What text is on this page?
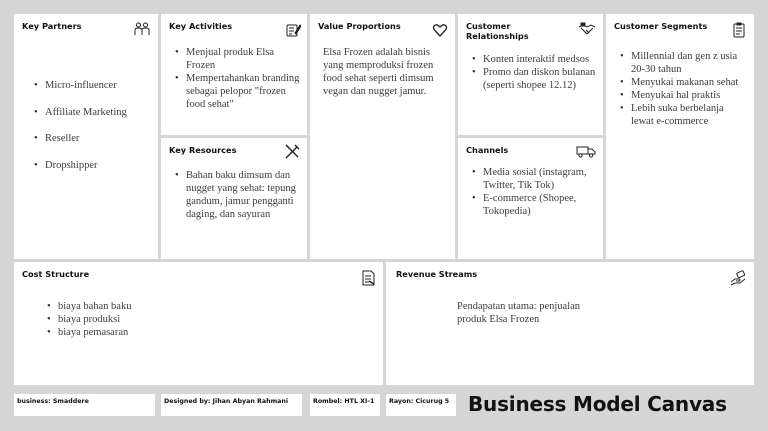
Key Partners
• Micro-influencer
• Affiliate Marketing
• Reseller
• Dropshipper
Key Activities
• Menjual produk Elsa Frozen
• Mempertahankan branding sebagai pelopor "frozen food sehat"
Key Resources
• Bahan baku dimsum dan nugget yang sehat: tepung gandum, jamur pengganti daging, dan sayuran
Value Proportions
Elsa Frozen adalah bisnis yang memproduksi frozen food sehat seperti dimsum vegan dan nugget jamur.
Customer
Relationships
• Konten interaktif medsos
• Promo dan diskon bulanan (seperti shopee 12.12)
Channels
• Media sosial (instagram, Twitter, Tik Tok)
• E-commerce (Shopee, Tokopedia)
Customer Segments
• Millennial dan gen z usia 20-30 tahun
• Menyukai makanan sehat
• Menyukai hal praktis
• Lebih suka berbelanja lewat e-commerce
Cost Structure
• biaya bahan baku
• biaya produksi
• biaya pemasaran
Revenue Streams
Pendapatan utama: penjualan produk Elsa Frozen
business: Smaddere	Designed by: Jihan Abyan Rahmani	Rombel: HTL XI-1	Rayon: Cicurug 5 Business Model Canvas
